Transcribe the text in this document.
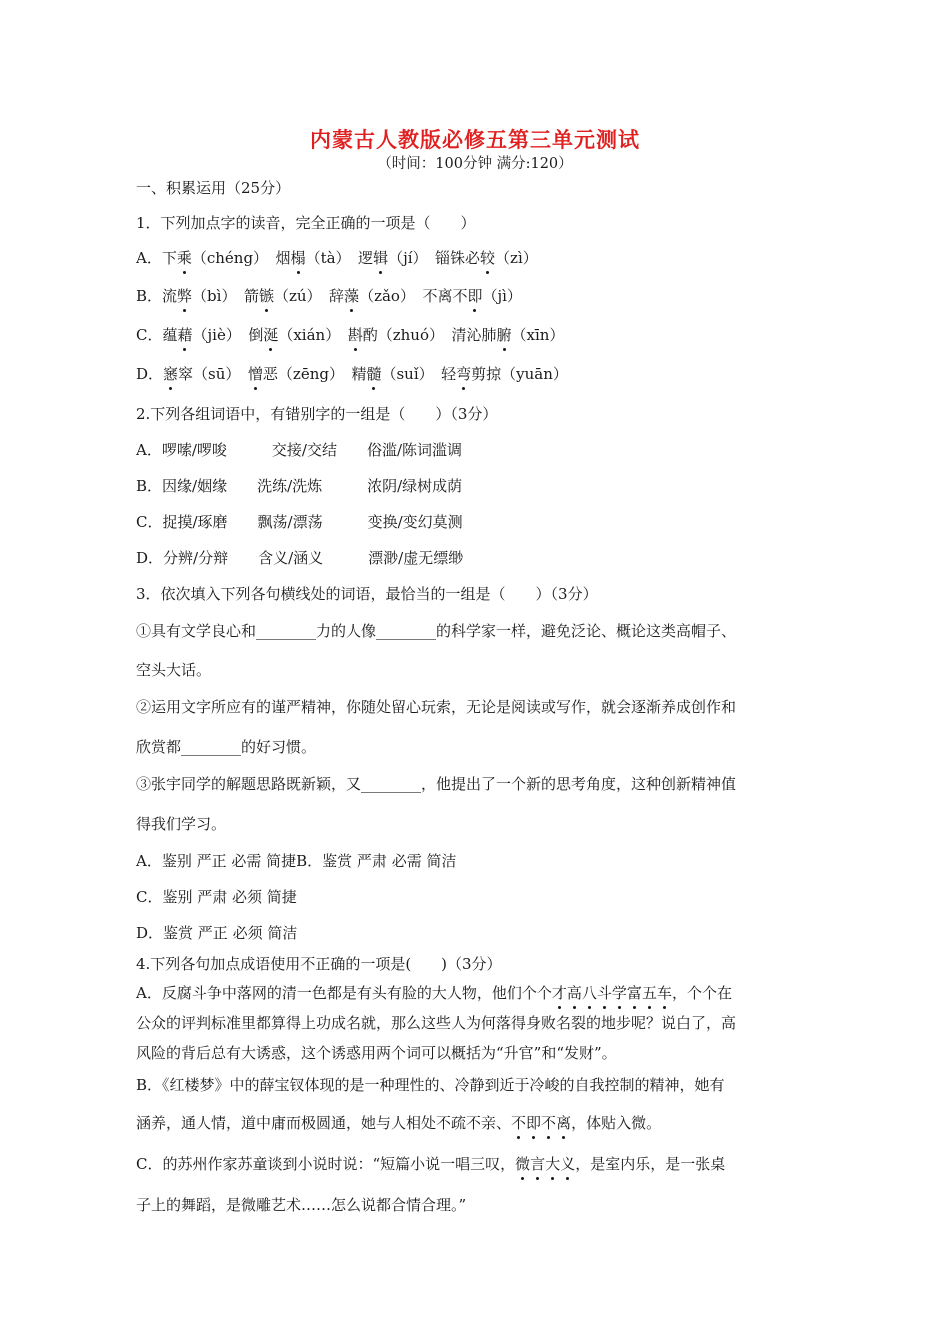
内蒙古人教版必修五第三单元测试
（时间：100分钟 满分:120）
一、积累运用（25分）
1．下列加点字的读音，完全正确的一项是（　　）
A．下乘（chéng）　烟榻（tà）　逻辑（jí）　锱铢必较（zì）
B．流弊（bì）　箭镞（zú）　辞藻（zǎo）　不离不即（jì）
C．蕴藉（jiè）　倒涎（xián）　斟酌（zhuó）　清沁肺腑（xīn）
D．窸窣（sū）　憎恶（zēng）　精髓（suǐ）　轻弯剪掠（yuān）
2.下列各组词语中，有错别字的一组是（　　）（3分）
A．啰嗦/啰唆　　　交接/交结　　俗滥/陈词滥调
B．因缘/姻缘　　洗练/洗炼　　　浓阴/绿树成荫
C．捉摸/琢磨　　飘荡/漂荡　　　变换/变幻莫测
D．分辨/分辩　　含义/涵义　　　漂渺/虚无缥缈
3．依次填入下列各句横线处的词语，最恰当的一组是（　　）（3分）
①具有文学良心和________力的人像________的科学家一样，避免泛论、概论这类高帽子、
空头大话。
②运用文字所应有的谨严精神，你随处留心玩索，无论是阅读或写作，就会逐渐养成创作和
欣赏都________的好习惯。
③张宇同学的解题思路既新颖，又________，他提出了一个新的思考角度，这种创新精神值
得我们学习。
A．鉴别 严正 必需 简捷B．鉴赏 严肃 必需 简洁
C．鉴别 严肃 必须 简捷
D．鉴赏 严正 必须 简洁
4.下列各句加点成语使用不正确的一项是(　　)（3分）
A．反腐斗争中落网的清一色都是有头有脸的大人物，他们个个才高八斗学富五车，个个在
公众的评判标准里都算得上功成名就，那么这些人为何落得身败名裂的地步呢？说白了，高
风险的背后总有大诱惑，这个诱惑用两个词可以概括为“升官”和“发财”。
B．《红楼梦》中的薛宝钗体现的是一种理性的、冷静到近于冷峻的自我控制的精神，她有
涵养，通人情，道中庸而极圆通，她与人相处不疏不亲、不即不离，体贴入微。
C．的苏州作家苏童谈到小说时说：“短篇小说一唱三叹，微言大义，是室内乐，是一张桌
子上的舞蹈，是微雕艺术……怎么说都合情合理。”
